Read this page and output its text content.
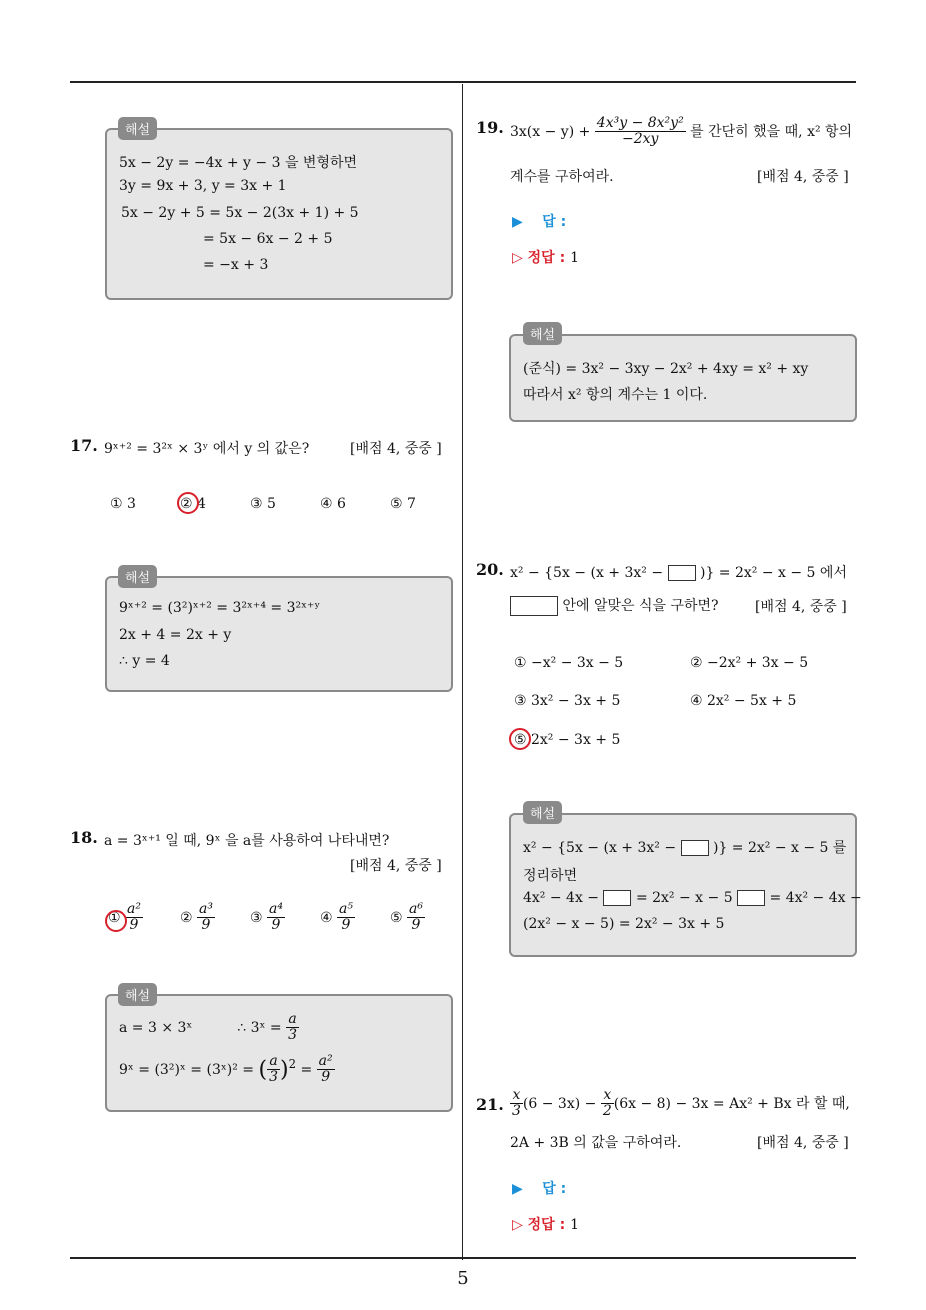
5x − 2y = −4x + y − 3 을 변형하면
3y = 9x + 3, y = 3x + 1
5x − 2y + 5 = 5x − 2(3x + 1) + 5
= 5x − 6x − 2 + 5
= −x + 3
해설
17. 9ˣ⁺² = 3²ˣ × 3ʸ 에서 y 의 값은?	[배점 4, 중중 ]
① 3	② 4	③ 5	④ 6	⑤ 7
9ˣ⁺² = (3²)ˣ⁺² = 3²ˣ⁺⁴ = 3²ˣ⁺ʸ
2x + 4 = 2x + y
∴ y = 4
해설
18. a = 3ˣ⁺¹ 일 때, 9ˣ 을 a를 사용하여 나타내면?
[배점 4, 중중 ]
① $\frac{\text{a²}}{9}$	② $\frac{\text{a³}}{9}$	③ $\frac{\text{a⁴}}{9}$	④ $\frac{\text{a⁵}}{9}$	⑤ $\frac{\text{a⁶}}{9}$
a = 3 × 3ˣ	∴ 3ˣ = $\frac{a}{3}$
9ˣ = (3²)ˣ = (3ˣ)² = ( $\frac{a}{3} )^2 = \frac{\text{a²}}{9}$
해설
19. $3x(x - y) + \frac{\text{4x³y − 8x²y²}}{-2xy}$ 를 간단히 했을 때, x² 항의
계수를 구하여라.	[배점 4, 중중 ]
▶ 답 :
▷ 정답 : 1
(준식) = 3x² − 3xy − 2x² + 4xy = x² + xy
따라서 x² 항의 계수는 1 이다.
해설
20. x² − {5x − (x + 3x² −	)} = 2x² − x − 5 에서
안에 알맞은 식을 구하면?	[배점 4, 중중 ]
① −x² − 3x − 5	② −2x² + 3x − 5
③ 3x² − 3x + 5	④ 2x² − 5x + 5
⑤ 2x² − 3x + 5
x² − {5x − (x + 3x² −	)} = 2x² − x − 5 를
정리하면
4x² − 4x −	= 2x² − x − 5	= 4x² − 4x −
(2x² − x − 5) = 2x² − 3x + 5
해설
21. $\frac{x}{3} (6 - 3x) - \frac{x}{2} (6x - 8) - 3x = Ax^2 + Bx$ 라 할 때,
2A + 3B 의 값을 구하여라.	[배점 4, 중중 ]
▶ 답 :
▷ 정답 : 1
5
